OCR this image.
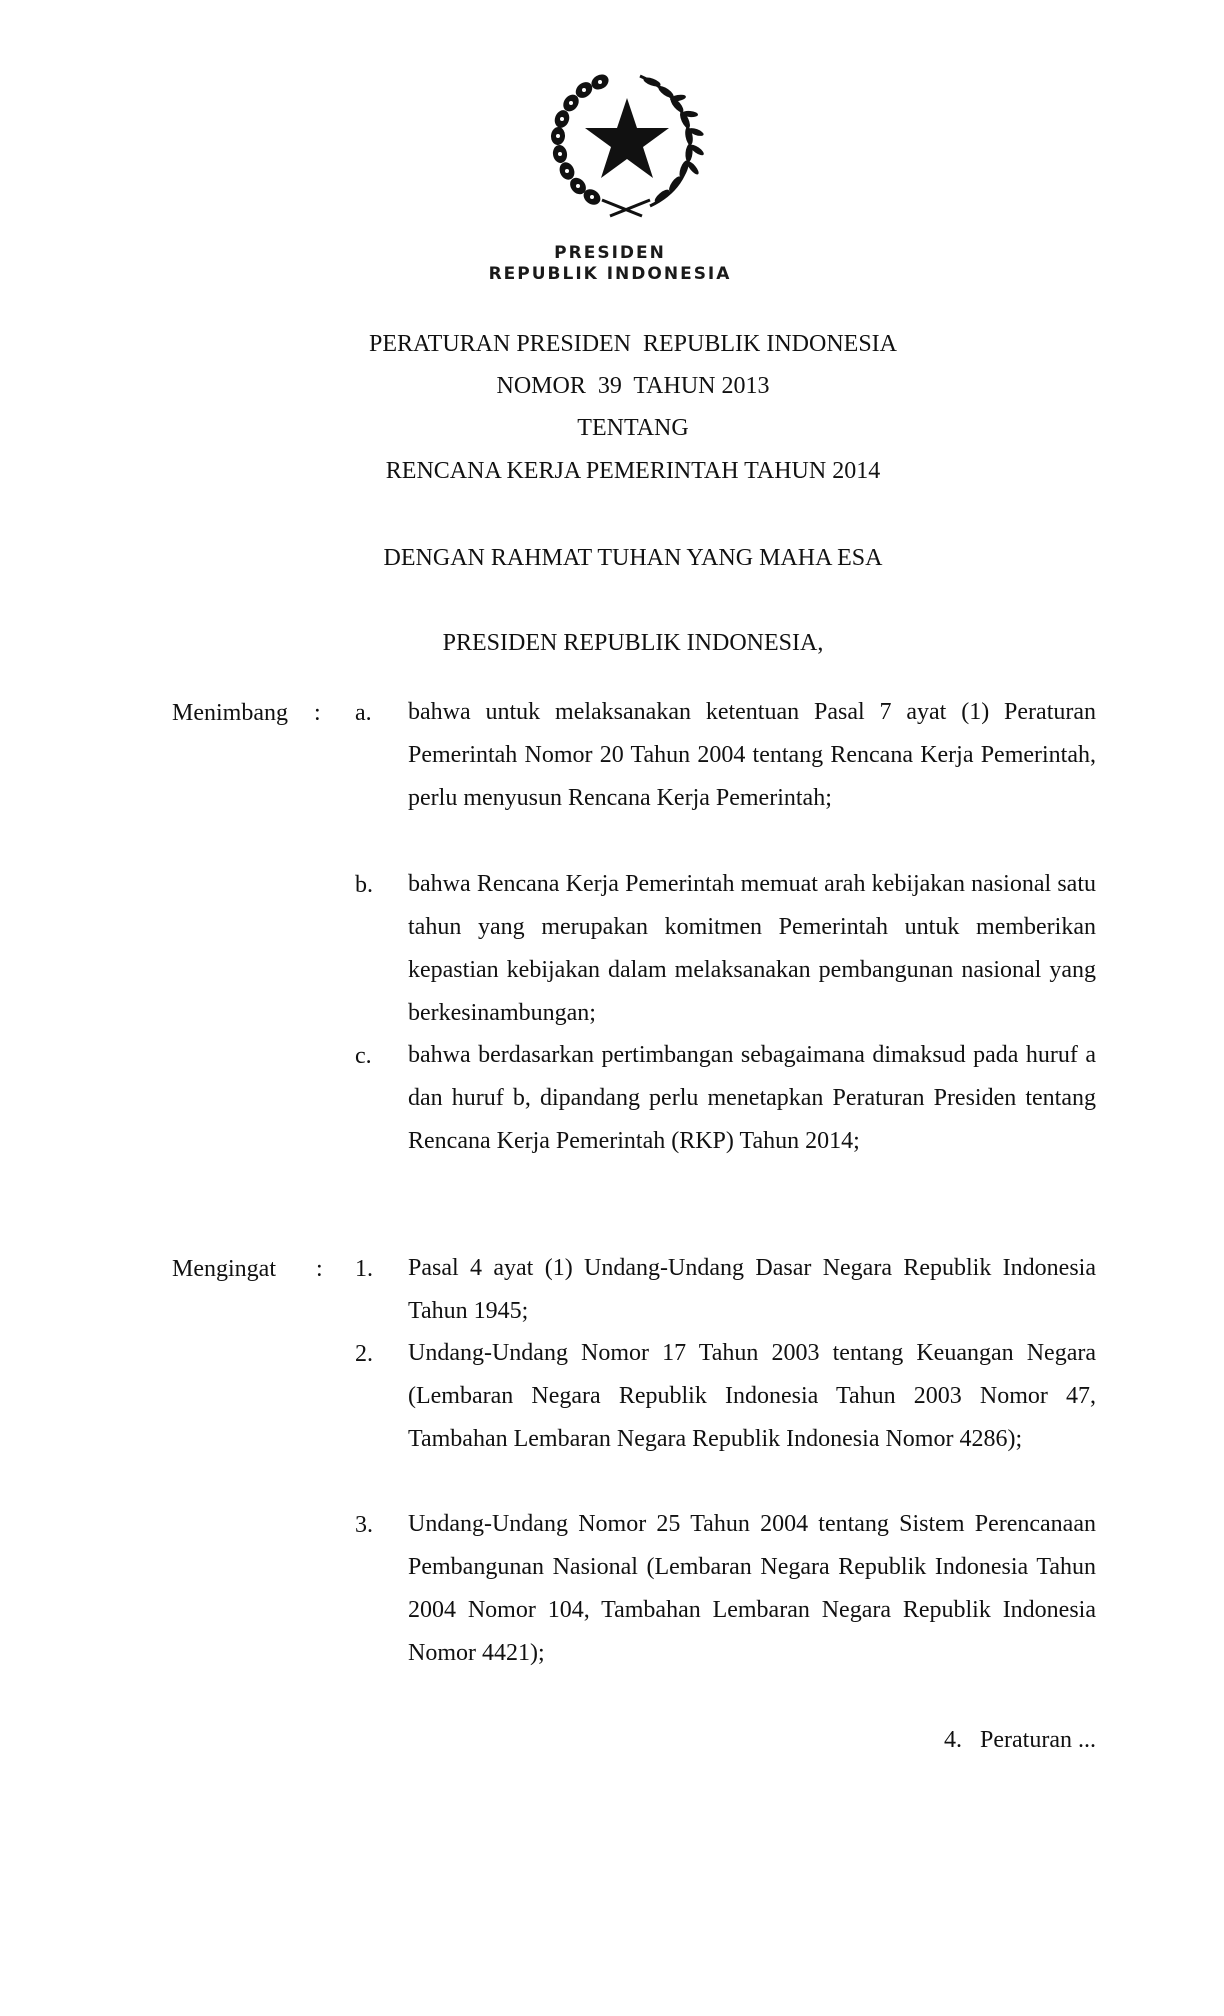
PRESIDEN
REPUBLIK INDONESIA
PERATURAN PRESIDEN  REPUBLIK INDONESIA
NOMOR  39  TAHUN 2013
TENTANG
RENCANA KERJA PEMERINTAH TAHUN 2014
DENGAN RAHMAT TUHAN YANG MAHA ESA
PRESIDEN REPUBLIK INDONESIA,
Menimbang : a. bahwa untuk melaksanakan ketentuan Pasal 7 ayat (1) Peraturan Pemerintah Nomor 20 Tahun 2004 tentang Rencana Kerja Pemerintah, perlu menyusun Rencana Kerja Pemerintah;

b. bahwa Rencana Kerja Pemerintah memuat arah kebijakan nasional satu tahun yang merupakan komitmen Pemerintah untuk memberikan kepastian kebijakan dalam melaksanakan pembangunan nasional yang berkesinambungan;

c. bahwa berdasarkan pertimbangan sebagaimana dimaksud pada huruf a dan huruf b, dipandang perlu menetapkan Peraturan Presiden tentang Rencana Kerja Pemerintah (RKP) Tahun 2014;

Mengingat : 1. Pasal 4 ayat (1) Undang-Undang Dasar Negara Republik Indonesia Tahun 1945;

2. Undang-Undang Nomor 17 Tahun 2003 tentang Keuangan Negara (Lembaran Negara Republik Indonesia Tahun 2003 Nomor 47, Tambahan Lembaran Negara Republik Indonesia Nomor 4286);

3. Undang-Undang Nomor 25 Tahun 2004 tentang Sistem Perencanaan Pembangunan Nasional (Lembaran Negara Republik Indonesia Tahun 2004 Nomor 104, Tambahan Lembaran Negara Republik Indonesia Nomor 4421);

4. Peraturan ...
